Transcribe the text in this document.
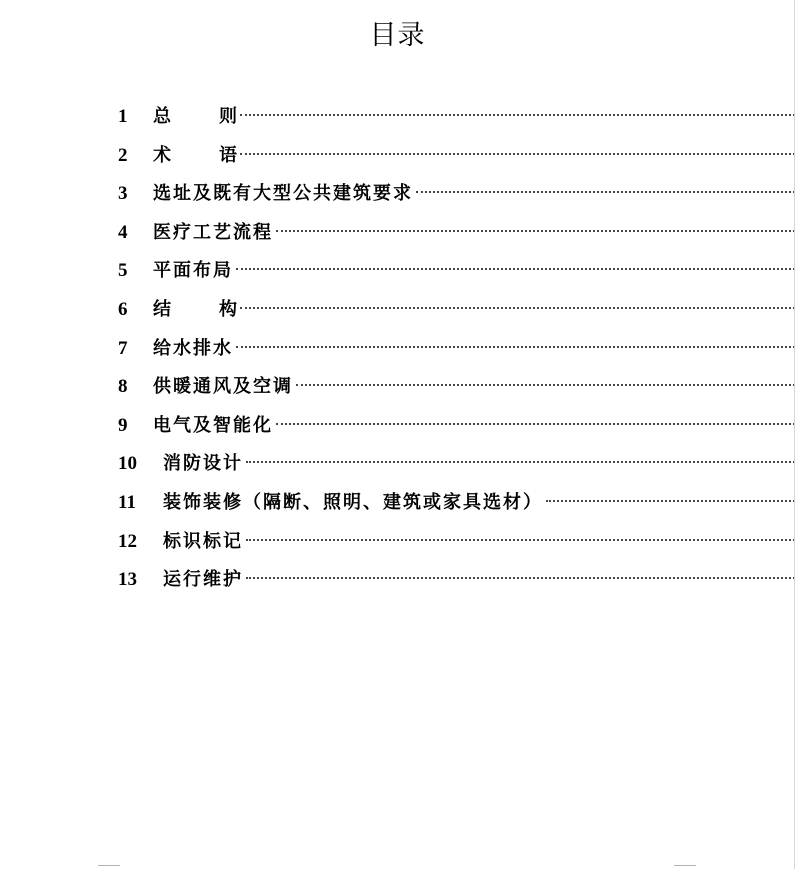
目录
1	总	则
2	术	语
3	选址及既有大型公共建筑要求
4	医疗工艺流程
5	平面布局
6	结	构
7	给水排水
8	供暖通风及空调
9	电气及智能化
10	消防设计
11	装饰装修（隔断、照明、建筑或家具选材）
12	标识标记
13	运行维护
